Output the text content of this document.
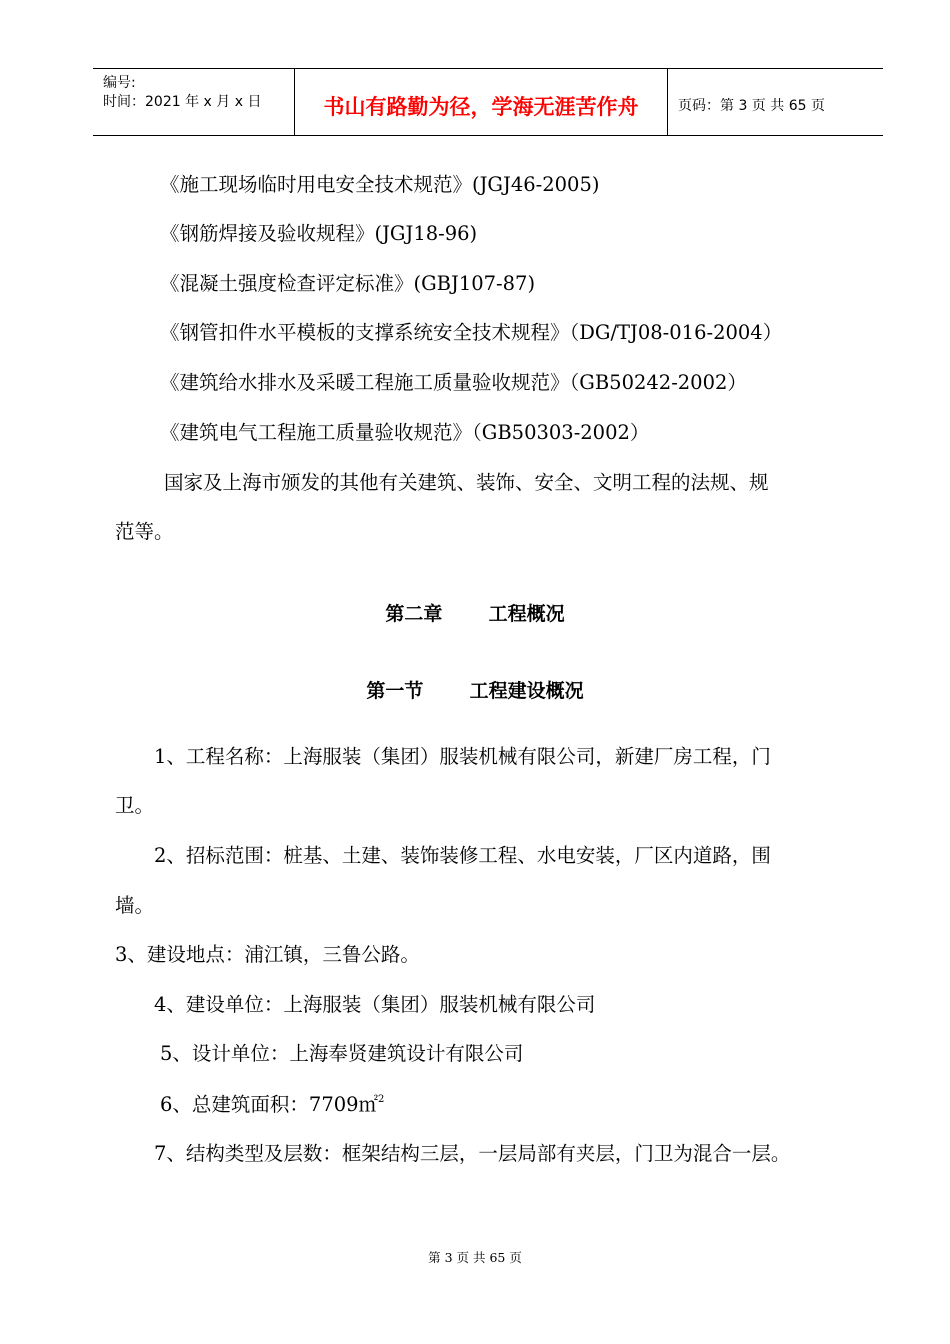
编号:
时间：2021 年 x 月 x 日	书山有路勤为径，学海无涯苦作舟	页码：第 3 页 共 65 页
《施工现场临时用电安全技术规范》(JGJ46-2005)
《钢筋焊接及验收规程》(JGJ18-96)
《混凝土强度检查评定标准》(GBJ107-87)
《钢管扣件水平模板的支撑系统安全技术规程》（DG/TJ08-016-2004）
《建筑给水排水及采暖工程施工质量验收规范》（GB50242-2002）
《建筑电气工程施工质量验收规范》（GB50303-2002）
国家及上海市颁发的其他有关建筑、装饰、安全、文明工程的法规、规
范等。
第二章       工程概况
第一节       工程建设概况
1、工程名称：上海服装（集团）服装机械有限公司，新建厂房工程，门
卫。
2、招标范围：桩基、土建、装饰装修工程、水电安装，厂区内道路，围
墙。
3、建设地点：浦江镇，三鲁公路。
4、建设单位：上海服装（集团）服装机械有限公司
5、设计单位：上海奉贤建筑设计有限公司
6、总建筑面积：7709㎡$^2$
7、结构类型及层数：框架结构三层，一层局部有夹层，门卫为混合一层。
第 3 页 共 65 页
